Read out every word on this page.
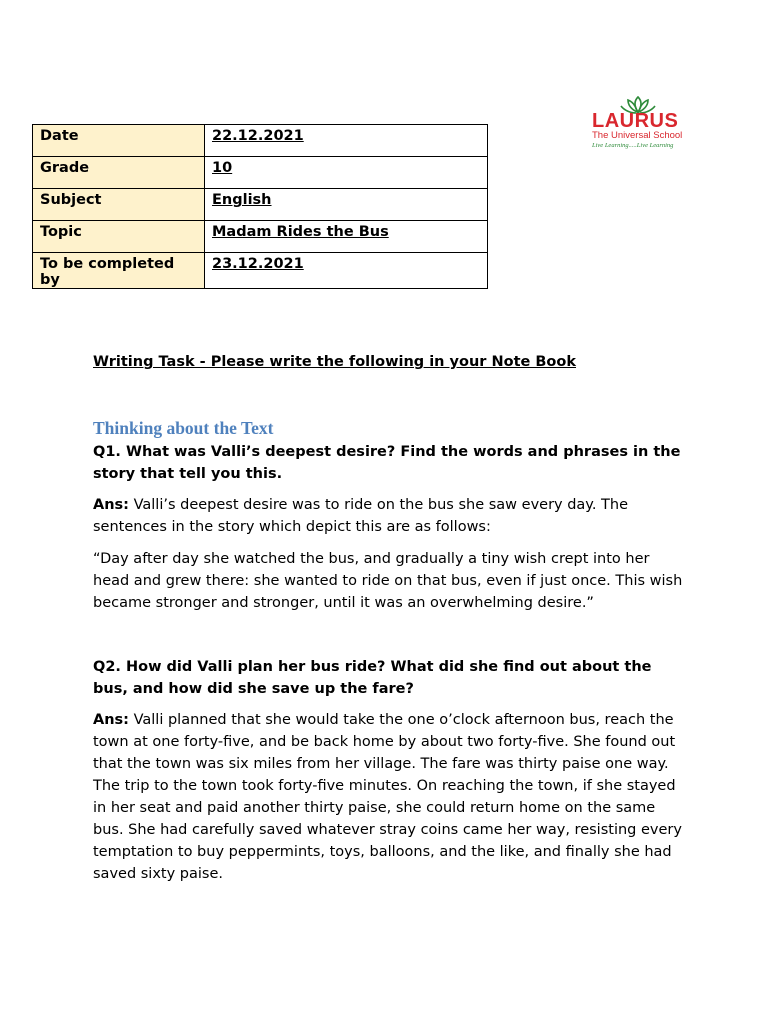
Date	22.12.2021
Grade	10
Subject	English
Topic	Madam Rides the Bus
To be completed by	23.12.2021
LAURUS
The Universal School
Live Learning.....Live Learning
Writing Task - Please write the following in your Note Book
Thinking about the Text
Q1. What was Valli’s deepest desire? Find the words and phrases in the story that tell you this.
Ans: Valli’s deepest desire was to ride on the bus she saw every day. The sentences in the story which depict this are as follows:
“Day after day she watched the bus, and gradually a tiny wish crept into her head and grew there: she wanted to ride on that bus, even if just once. This wish became stronger and stronger, until it was an overwhelming desire.”
Q2. How did Valli plan her bus ride? What did she find out about the bus, and how did she save up the fare?
Ans: Valli planned that she would take the one o’clock afternoon bus, reach the town at one forty-five, and be back home by about two forty-five. She found out that the town was six miles from her village. The fare was thirty paise one way. The trip to the town took forty-five minutes. On reaching the town, if she stayed in her seat and paid another thirty paise, she could return home on the same bus. She had carefully saved whatever stray coins came her way, resisting every temptation to buy peppermints, toys, balloons, and the like, and finally she had saved sixty paise.
